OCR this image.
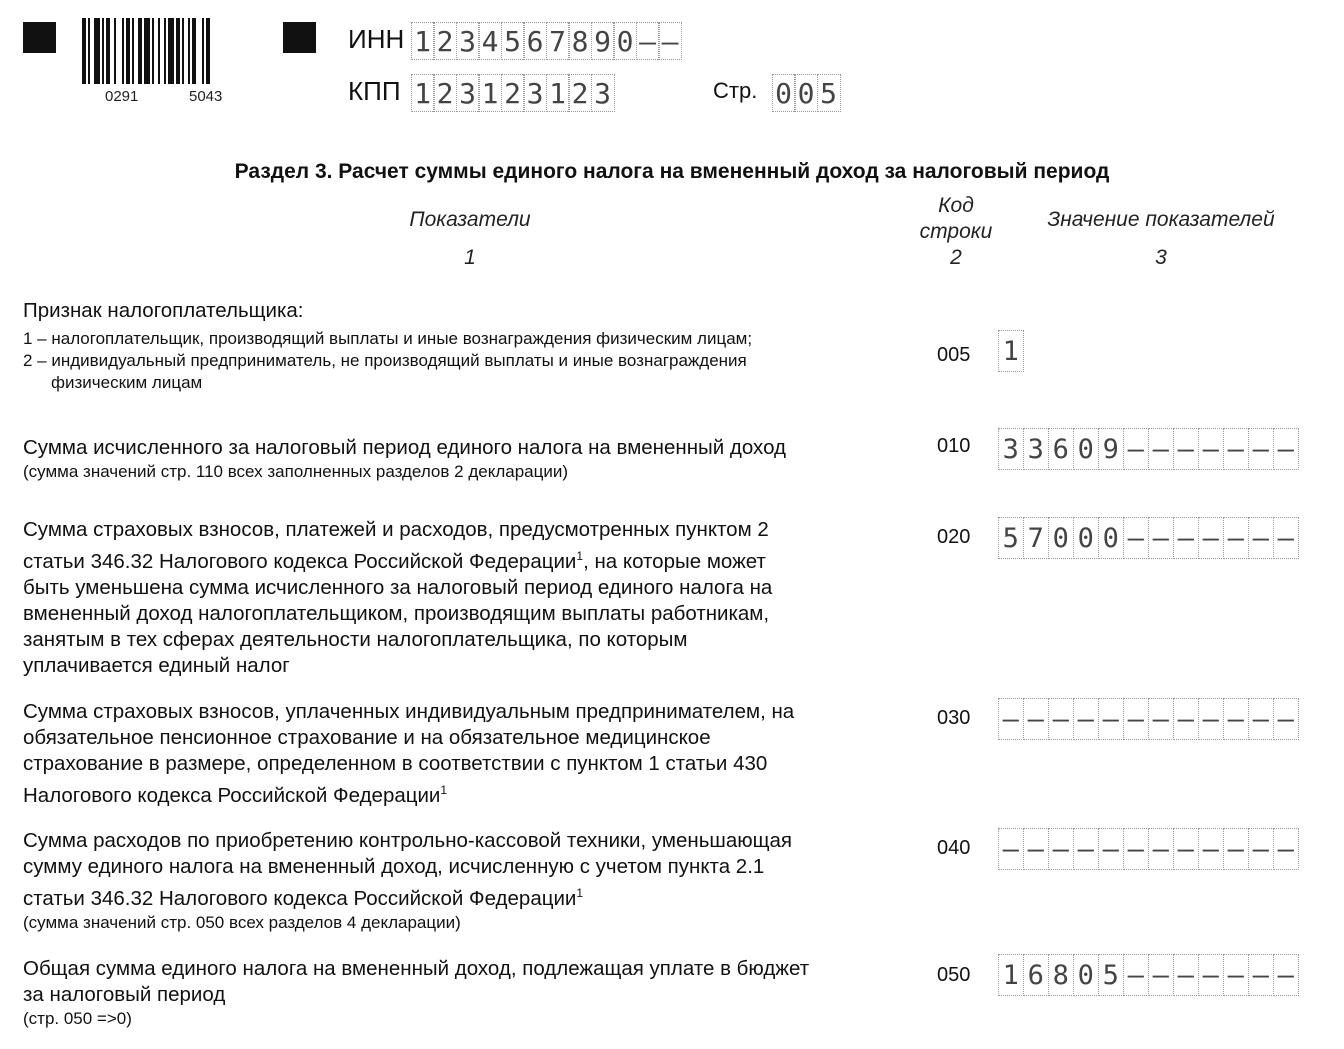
0291	5043
ИНН 1 2 3 4 5 6 7 8 9 0 – –
КПП 1 2 3 1 2 3 1 2 3	Стр. 0 0 5
Раздел 3. Расчет суммы единого налога на вмененный доход за налоговый период
Показатели
1
Код
строки
2
Значение показателей
3
Признак налогоплательщика:
1 – налогоплательщик, производящий выплаты и иные вознаграждения физическим лицам;
2 – индивидуальный предприниматель, не производящий выплаты и иные вознаграждения
физическим лицам
005 1
Сумма исчисленного за налоговый период единого налога на вмененный доход
(сумма значений стр. 110 всех заполненных разделов 2 декларации)
010 3 3 6 0 9 – – – – – – –
Сумма страховых взносов, платежей и расходов, предусмотренных пунктом 2
статьи 346.32 Налогового кодекса Российской Федерации$^1$, на которые может
быть уменьшена сумма исчисленного за налоговый период единого налога на
вмененный доход налогоплательщиком, производящим выплаты работникам,
занятым в тех сферах деятельности налогоплательщика, по которым
уплачивается единый налог
020 5 7 0 0 0 – – – – – – –
Сумма страховых взносов, уплаченных индивидуальным предпринимателем, на
обязательное пенсионное страхование и на обязательное медицинское
страхование в размере, определенном в соответствии с пунктом 1 статьи 430
Налогового кодекса Российской Федерации$^1$
030 – – – – – – – – – – – –
Сумма расходов по приобретению контрольно-кассовой техники, уменьшающая
сумму единого налога на вмененный доход, исчисленную с учетом пункта 2.1
статьи 346.32 Налогового кодекса Российской Федерации$^1$
(сумма значений стр. 050 всех разделов 4 декларации)
040 – – – – – – – – – – – –
Общая сумма единого налога на вмененный доход, подлежащая уплате в бюджет
за налоговый период
(стр. 050 =>0)
050 1 6 8 0 5 – – – – – – –
